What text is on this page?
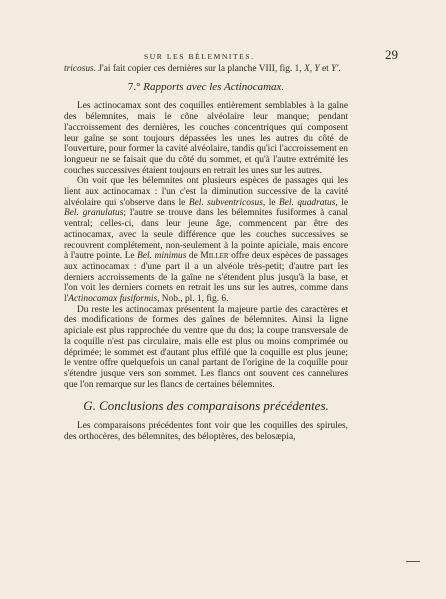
SUR LES BÉLEMNITES.	29

tricosus. J'ai fait copier ces dernières sur la planche VIII, fig. 1, X, Y et Y'.

7.° Rapports avec les Actinocamax.

Les actinocamax sont des coquilles entièrement semblables à la gaîne des bélemnites, mais le cône alvéolaire leur manque; pendant l'accroissement des dernières, les couches concentriques qui composent leur gaîne se sont toujours dépassées les unes les autres du côté de l'ouverture, pour former la cavité alvéolaire, tandis qu'ici l'accroissement en longueur ne se faisait que du côté du sommet, et qu'à l'autre extrémité les couches successives étaient toujours en retrait les unes sur les autres.

On voit que les bélemnites ont plusieurs espèces de passages qui les lient aux actinocamax : l'un c'est la diminution successive de la cavité alvéolaire qui s'observe dans le Bel. subventricosus, le Bel. quadratus, le Bel. granulatus; l'autre se trouve dans les bélemnites fusiformes à canal ventral; celles-ci, dans leur jeune âge, commencent par être des actinocamax, avec la seule différence que les couches successives se recouvrent complétement, non-seulement à la pointe apiciale, mais encore à l'autre pointe. Le Bel. minimus de Miller offre deux espèces de passages aux actinocamax : d'une part il a un alvéole très-petit; d'autre part les derniers accroissements de la gaîne ne s'étendent plus jusqu'à la base, et l'on voit les derniers cornets en retrait les uns sur les autres, comme dans l'Actinocamax fusiformis, Nob., pl. 1, fig. 6.

Du reste les actinocamax présentent la majeure partie des caractères et des modifications de formes des gaînes de bélemnites. Ainsi la ligne apiciale est plus rapprochée du ventre que du dos; la coupe transversale de la coquille n'est pas circulaire, mais elle est plus ou moins comprimée ou déprimée; le sommet est d'autant plus effilé que la coquille est plus jeune; le ventre offre quelquefois un canal partant de l'origine de la coquille pour s'étendre jusque vers son sommet. Les flancs ont souvent ces cannelures que l'on remarque sur les flancs de certaines bélemnites.

G. Conclusions des comparaisons précédentes.

Les comparaisons précédentes font voir que les coquilles des spirules, des orthocères, des bélemnites, des béloptères, des belosæpia,
